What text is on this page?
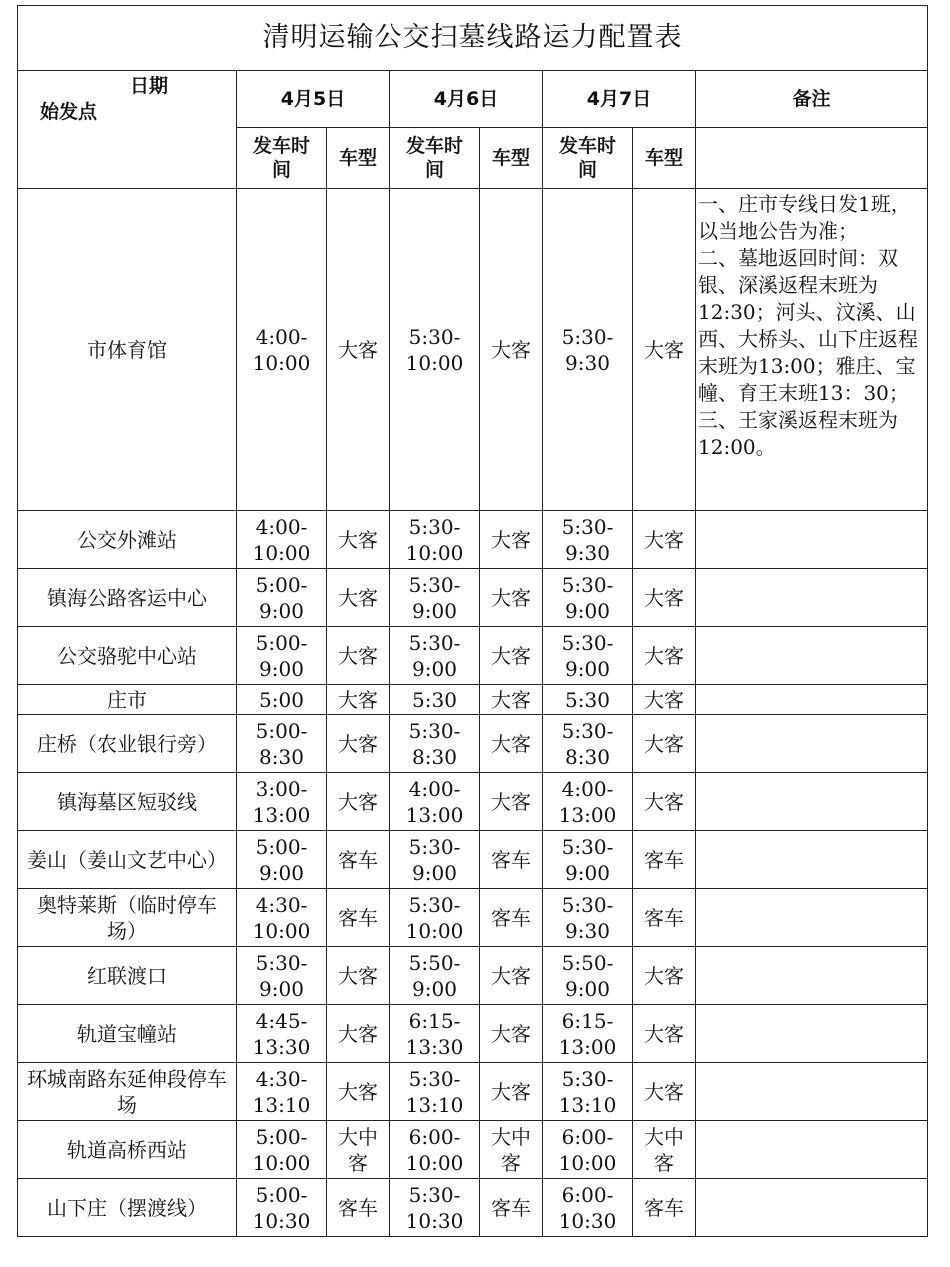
清明运输公交扫墓线路运力配置表							

日期
始发点	4月5日		4月6日		4月7日		备注

	发车时间	车型	发车时间	车型	发车时间	车型	

市体育馆	4:00-10:00	大客	5:30-10:00	大客	5:30-9:30	大客	一、庄市专线日发1班，以当地公告为准；
二、墓地返回时间：双银、深溪返程末班为12:30；河头、汶溪、山西、大桥头、山下庄返程末班为13:00；雅庄、宝幢、育王末班13：30；
三、王家溪返程末班为12:00。

公交外滩站	4:00-10:00	大客	5:30-10:00	大客	5:30-9:30	大客	

镇海公路客运中心	5:00-9:00	大客	5:30-9:00	大客	5:30-9:00	大客	

公交骆驼中心站	5:00-9:00	大客	5:30-9:00	大客	5:30-9:00	大客	

庄市	5:00	大客	5:30	大客	5:30	大客	

庄桥（农业银行旁）	5:00-8:30	大客	5:30-8:30	大客	5:30-8:30	大客	

镇海墓区短驳线	3:00-13:00	大客	4:00-13:00	大客	4:00-13:00	大客	

姜山（姜山文艺中心）	5:00-9:00	客车	5:30-9:00	客车	5:30-9:00	客车	

奥特莱斯（临时停车场）	4:30-10:00	客车	5:30-10:00	客车	5:30-9:30	客车	

红联渡口	5:30-9:00	大客	5:50-9:00	大客	5:50-9:00	大客	

轨道宝幢站	4:45-13:30	大客	6:15-13:30	大客	6:15-13:00	大客	

环城南路东延伸段停车场	4:30-13:10	大客	5:30-13:10	大客	5:30-13:10	大客	

轨道高桥西站	5:00-10:00	大中客	6:00-10:00	大中客	6:00-10:00	大中客	

山下庄（摆渡线）	5:00-10:30	客车	5:30-10:30	客车	6:00-10:30	客车	
